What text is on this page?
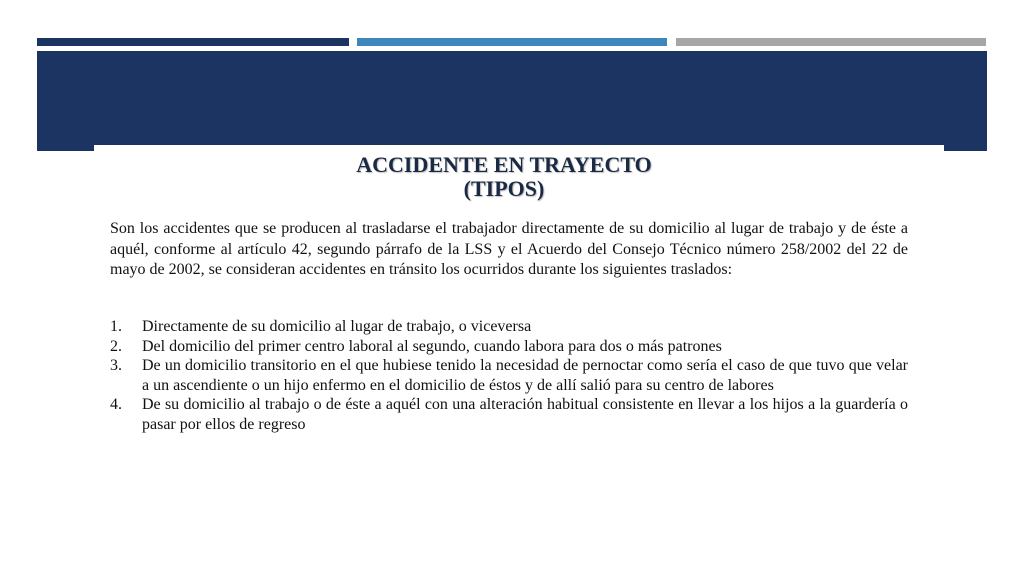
ACCIDENTE EN TRAYECTO
(TIPOS)

Son los accidentes que se producen al trasladarse el trabajador directamente de su domicilio al lugar de trabajo y de éste a aquél, conforme al artículo 42, segundo párrafo de la LSS y el Acuerdo del Consejo Técnico número 258/2002 del 22 de mayo de 2002, se consideran accidentes en tránsito los ocurridos durante los siguientes traslados:

1. Directamente de su domicilio al lugar de trabajo, o viceversa
2. Del domicilio del primer centro laboral al segundo, cuando labora para dos o más patrones
3. De un domicilio transitorio en el que hubiese tenido la necesidad de pernoctar como sería el caso de que tuvo que velar a un ascendiente o un hijo enfermo en el domicilio de éstos y de allí salió para su centro de labores
4. De su domicilio al trabajo o de éste a aquél con una alteración habitual consistente en llevar a los hijos a la guardería o pasar por ellos de regreso
